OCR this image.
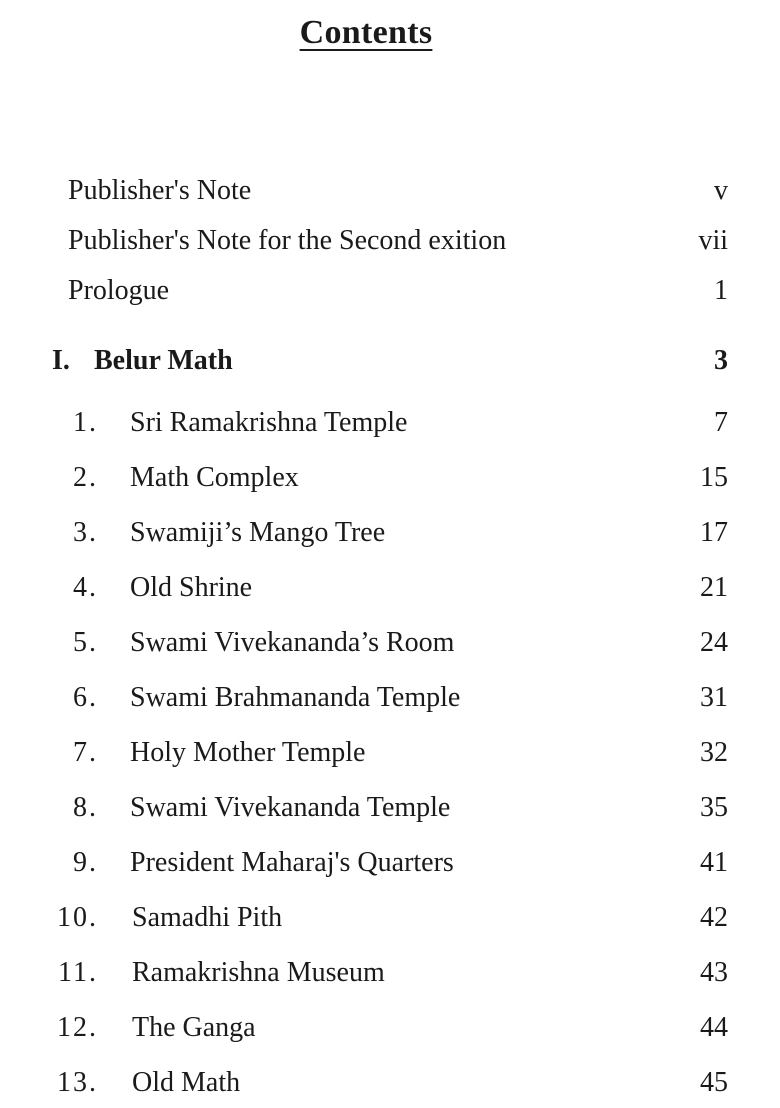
Contents
Publisher's Note	v
Publisher's Note for the Second exition	vii
Prologue	1
I. Belur Math	3
1. Sri Ramakrishna Temple	7
2. Math Complex	15
3. Swamiji’s Mango Tree	17
4. Old Shrine	21
5. Swami Vivekananda’s Room	24
6. Swami Brahmananda Temple	31
7. Holy Mother Temple	32
8. Swami Vivekananda Temple	35
9. President Maharaj's Quarters	41
10. Samadhi Pith	42
11. Ramakrishna Museum	43
12. The Ganga	44
13. Old Math	45
